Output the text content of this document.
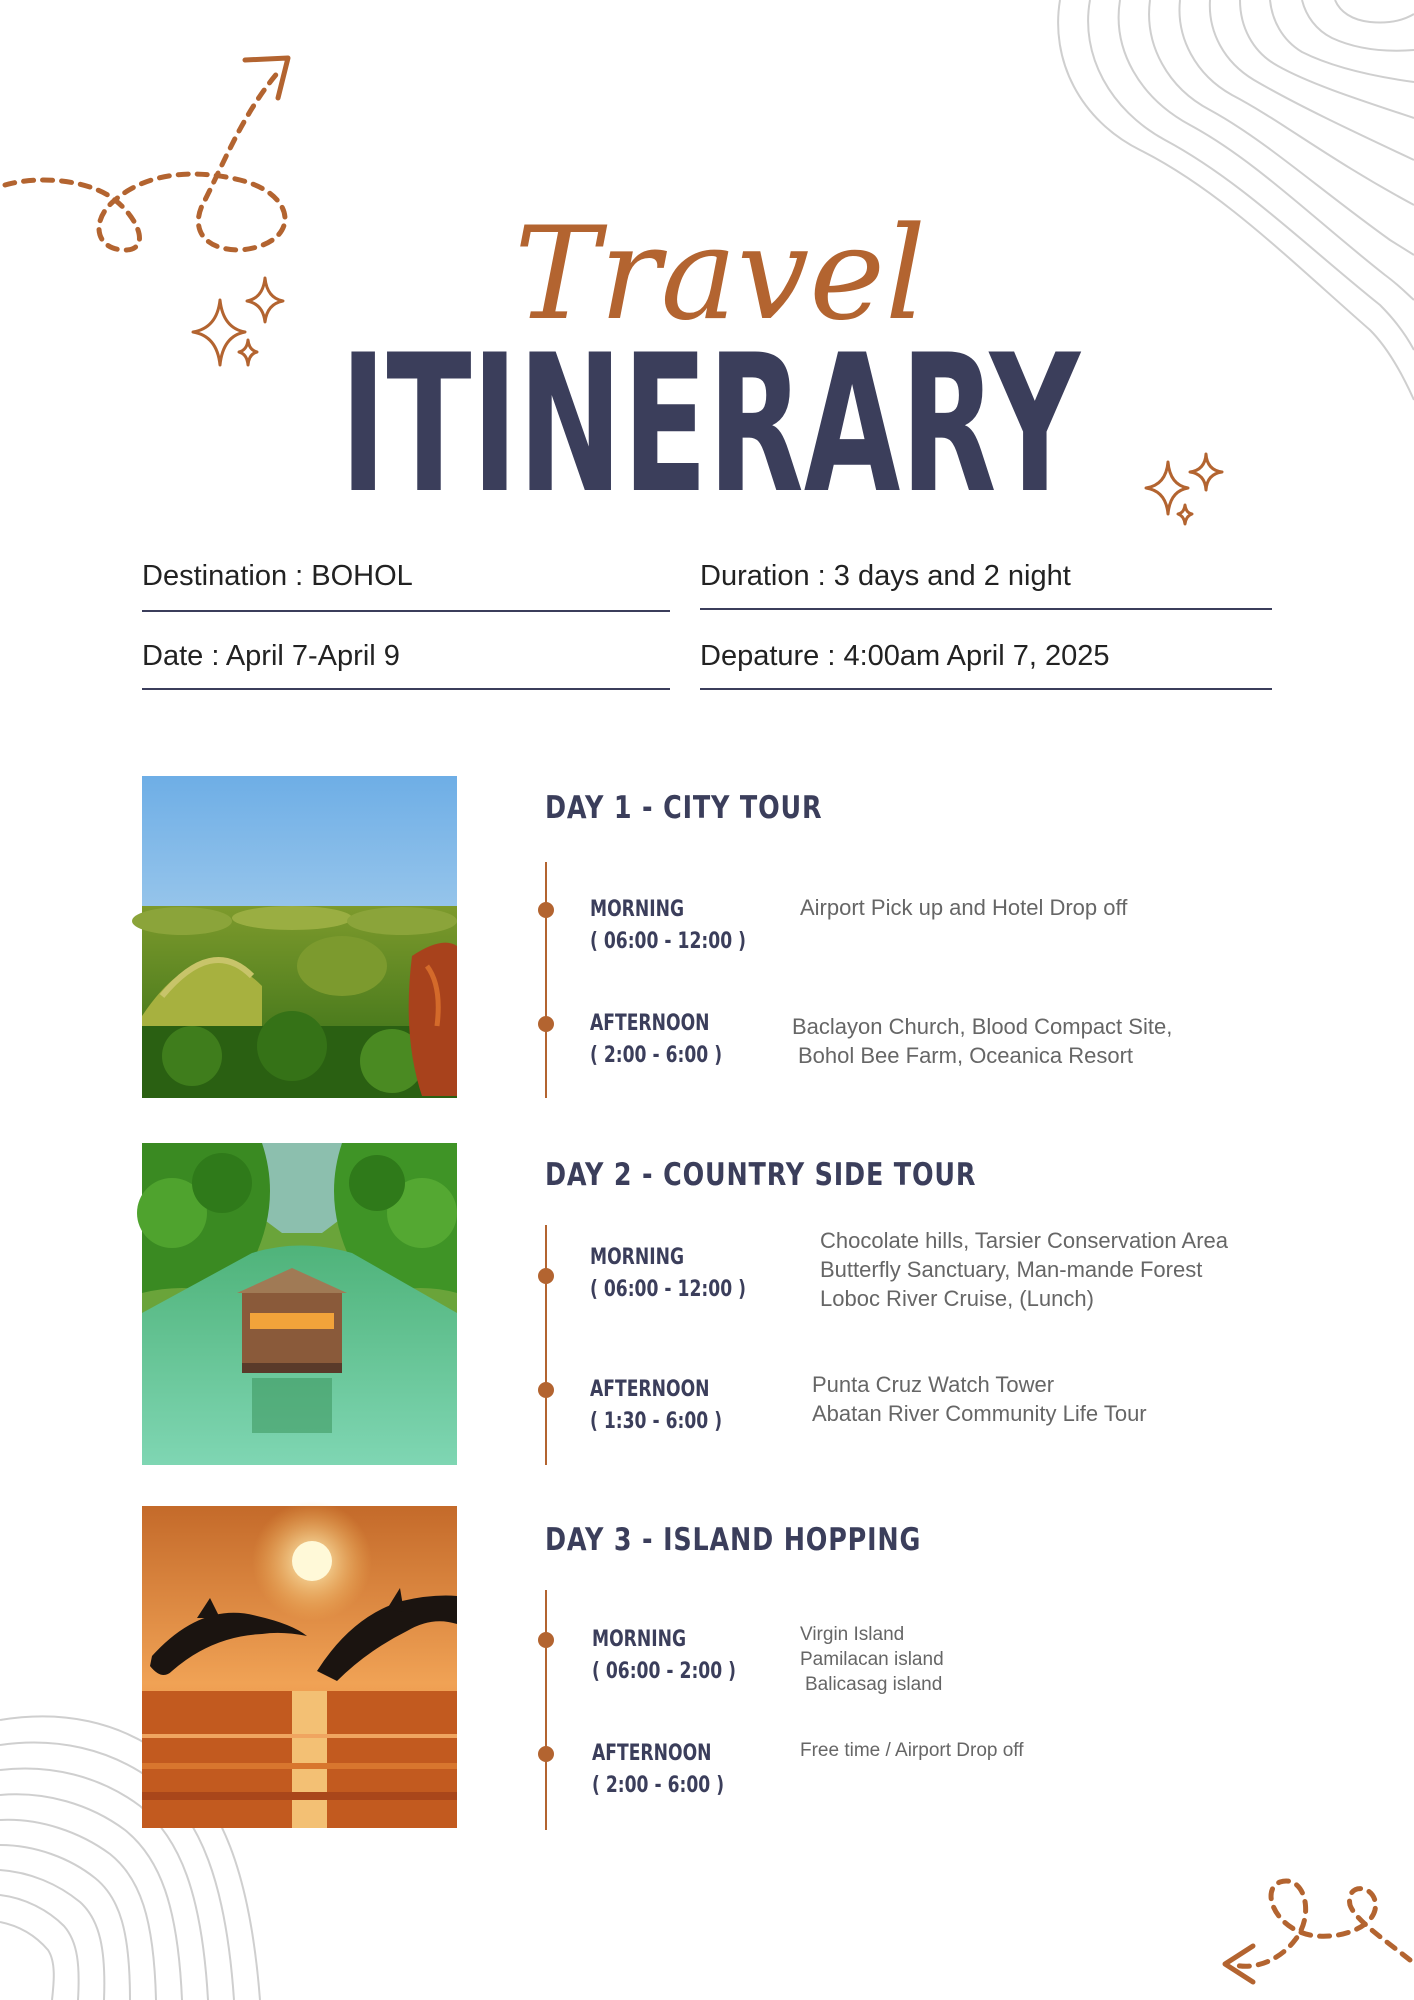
Travel
ITINERARY
Destination : BOHOL	Duration : 3 days and 2 night
Date : April 7-April 9	Depature : 4:00am April 7, 2025
DAY 1 - CITY TOUR
MORNING
( 06:00 - 12:00 )
Airport Pick up and Hotel Drop off
AFTERNOON
( 2:00 - 6:00 )
Baclayon Church, Blood Compact Site,
Bohol Bee Farm, Oceanica Resort
DAY 2 - COUNTRY SIDE TOUR
MORNING
( 06:00 - 12:00 )
Chocolate hills, Tarsier Conservation Area
Butterfly Sanctuary, Man-mande Forest
Loboc River Cruise, (Lunch)
AFTERNOON
( 1:30 - 6:00 )
Punta Cruz Watch Tower
Abatan River Community Life Tour
DAY 3 - ISLAND HOPPING
MORNING
( 06:00 - 2:00 )
Virgin Island
Pamilacan island
Balicasag island
AFTERNOON
( 2:00 - 6:00 )
Free time / Airport Drop off
